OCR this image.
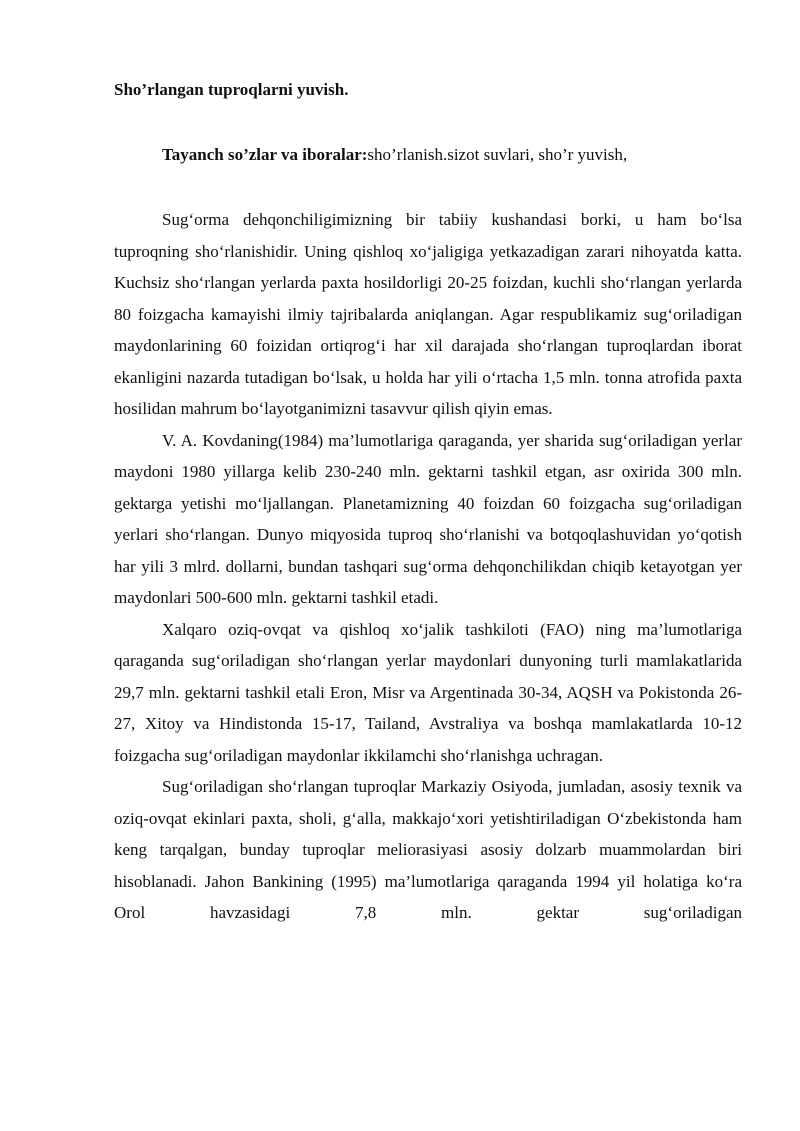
Sho’rlangan tuproqlarni yuvish.

Tayanch so’zlar va iboralar:sho’rlanish.sizot suvlari, sho’r yuvish,

Sug‘orma dehqonchiligimizning bir tabiiy kushandasi borki, u ham bo‘lsa tuproqning sho‘rlanishidir. Uning qishloq xo‘jaligiga yetkazadigan zarari nihoyatda katta. Kuchsiz sho‘rlangan yerlarda paxta hosildorligi 20-25 foizdan, kuchli sho‘rlangan yerlarda 80 foizgacha kamayishi ilmiy tajribalarda aniqlangan. Agar respublikamiz sug‘oriladigan maydonlarining 60 foizidan ortiqrog‘i har xil darajada sho‘rlangan tuproqlardan iborat ekanligini nazarda tutadigan bo‘lsak, u holda har yili o‘rtacha 1,5 mln. tonna atrofida paxta hosilidan mahrum bo‘layotganimizni tasavvur qilish qiyin emas.

V. A. Kovdaning(1984) ma’lumotlariga qaraganda, yer sharida sug‘oriladigan yerlar maydoni 1980 yillarga kelib 230-240 mln. gektarni tashkil etgan, asr oxirida 300 mln. gektarga yetishi mo‘ljallangan. Planetamizning 40 foizdan 60 foizgacha sug‘oriladigan yerlari sho‘rlangan. Dunyo miqyosida tuproq sho‘rlanishi va botqoqlashuvidan yo‘qotish har yili 3 mlrd. dollarni, bundan tashqari sug‘orma dehqonchilikdan chiqib ketayotgan yer maydonlari 500-600 mln. gektarni tashkil etadi.

Xalqaro oziq-ovqat va qishloq xo‘jalik tashkiloti (FAO) ning ma’lumotlariga qaraganda sug‘oriladigan sho‘rlangan yerlar maydonlari dunyoning turli mamlakatlarida 29,7 mln. gektarni tashkil etali Eron, Misr va Argentinada 30-34, AQSH va Pokistonda 26-27, Xitoy va Hindistonda 15-17, Tailand, Avstraliya va boshqa mamlakatlarda 10-12 foizgacha sug‘oriladigan maydonlar ikkilamchi sho‘rlanishga uchragan.

Sug‘oriladigan sho‘rlangan tuproqlar Markaziy Osiyoda, jumladan, asosiy texnik va oziq-ovqat ekinlari paxta, sholi, g‘alla, makkajo‘xori yetishtiriladigan O‘zbekistonda ham keng tarqalgan, bunday tuproqlar meliorasiyasi asosiy dolzarb muammolardan biri hisoblanadi. Jahon Bankining (1995) ma’lumotlariga qaraganda 1994 yil holatiga ko‘ra Orol havzasidagi 7,8 mln. gektar sug‘oriladigan
